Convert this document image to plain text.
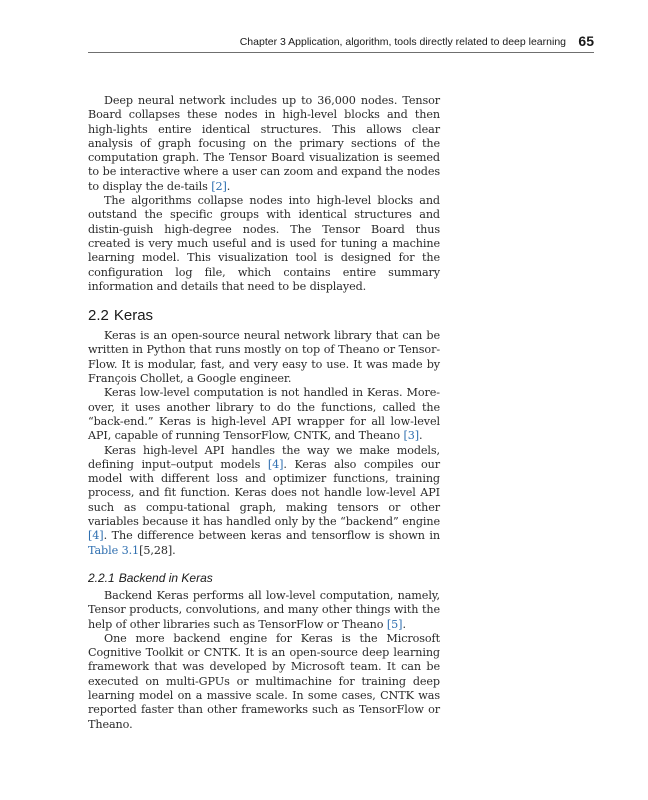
Chapter 3 Application, algorithm, tools directly related to deep learning 65

Deep neural network includes up to 36,000 nodes. Tensor Board collapses these nodes in high-level blocks and then high-lights entire identical structures. This allows clear analysis of graph focusing on the primary sections of the computation graph. The Tensor Board visualization is seemed to be interactive where a user can zoom and expand the nodes to display the de-tails [2].

The algorithms collapse nodes into high-level blocks and outstand the specific groups with identical structures and distin-guish high-degree nodes. The Tensor Board thus created is very much useful and is used for tuning a machine learning model. This visualization tool is designed for the configuration log file, which contains entire summary information and details that need to be displayed.

2.2 Keras

Keras is an open-source neural network library that can be written in Python that runs mostly on top of Theano or Tensor-Flow. It is modular, fast, and very easy to use. It was made by François Chollet, a Google engineer.

Keras low-level computation is not handled in Keras. More-over, it uses another library to do the functions, called the “back-end.” Keras is high-level API wrapper for all low-level API, capable of running TensorFlow, CNTK, and Theano [3].

Keras high-level API handles the way we make models, defining input–output models [4]. Keras also compiles our model with different loss and optimizer functions, training process, and fit function. Keras does not handle low-level API such as compu-tational graph, making tensors or other variables because it has handled only by the “backend” engine [4]. The difference between keras and tensorflow is shown in Table 3.1[5,28].

2.2.1 Backend in Keras

Backend Keras performs all low-level computation, namely, Tensor products, convolutions, and many other things with the help of other libraries such as TensorFlow or Theano [5].

One more backend engine for Keras is the Microsoft Cognitive Toolkit or CNTK. It is an open-source deep learning framework that was developed by Microsoft team. It can be executed on multi-GPUs or multimachine for training deep learning model on a massive scale. In some cases, CNTK was reported faster than other frameworks such as TensorFlow or Theano.
